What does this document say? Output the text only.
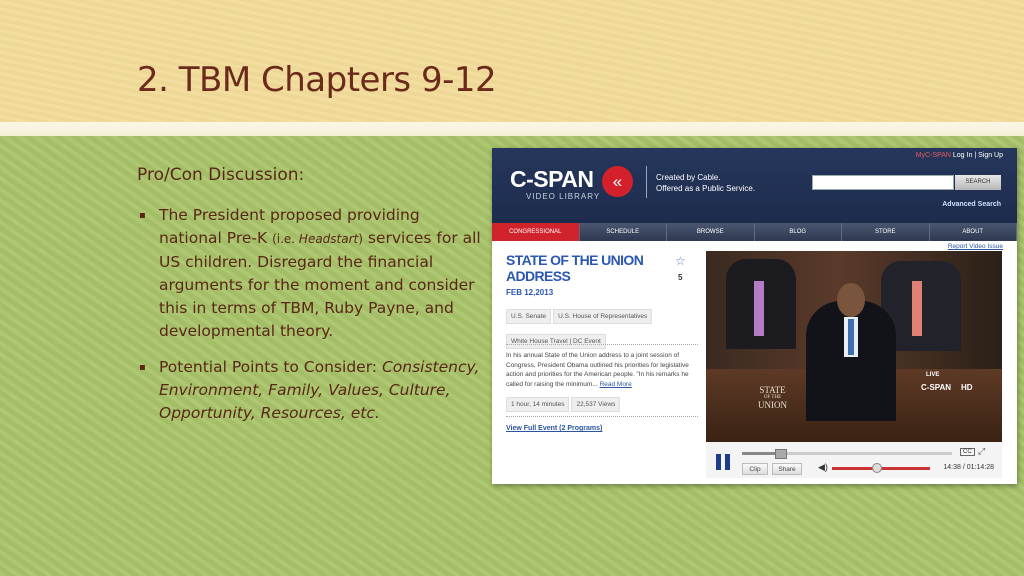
2. TBM Chapters 9-12
Pro/Con Discussion:
▪ The President proposed providing national Pre-K (i.e. Headstart) services for all US children. Disregard the financial arguments for the moment and consider this in terms of TBM, Ruby Payne, and developmental theory.
▪ Potential Points to Consider: Consistency, Environment, Family, Values, Culture, Opportunity, Resources, etc.
C-SPAN	«
VIDEO LIBRARY
Created by Cable.
Offered as a Public Service.
MyC-SPAN Log In | Sign Up
SEARCH
Advanced Search
CONGRESSIONAL CHRONICLE
SCHEDULE	BROWSE	BLOG	STORE	ABOUT
Report Video Issue
STATE OF THE UNION ADDRESS
FEB 12,2013
☆
5
U.S. Senate U.S. House of Representatives
White House Travel | DC Event
In his annual State of the Union address to a joint session of Congress, President Obama outlined his priorities for legislative action and priorities for the American people. "In his remarks he called for raising the minimum... Read More
1 hour, 14 minutes 22,537 Views
View Full Event (2 Programs)
STATE
OF THE
UNION
LIVE
C-SPAN HD
CC ⤢
Clip	Share	◀)	14:38 / 01:14:28
